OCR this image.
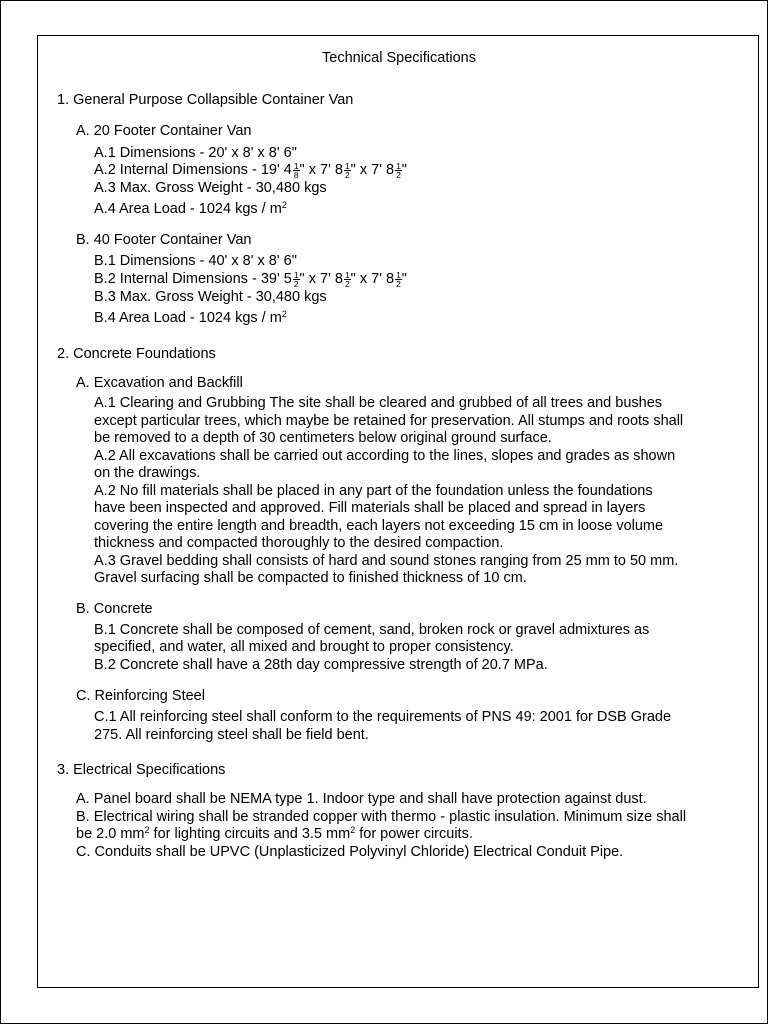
Technical Specifications
1. General Purpose Collapsible Container Van
A. 20 Footer Container Van
A.1 Dimensions - 20' x 8' x 8' 6"
A.2 Internal Dimensions - 19' $4 \frac{1}{8}$ " x 7' $8 \frac{1}{2}$ " x 7' $8 \frac{1}{2}$ "
A.3 Max. Gross Weight - 30,480 kgs
A.4 Area Load - 1024 kgs / $m^2$
B. 40 Footer Container Van
B.1 Dimensions - 40' x 8' x 8' 6"
B.2 Internal Dimensions - 39' $5 \frac{1}{2}$ " x 7' $8 \frac{1}{2}$ " x 7' $8 \frac{1}{2}$ "
B.3 Max. Gross Weight - 30,480 kgs
B.4 Area Load - 1024 kgs / $m^2$
2. Concrete Foundations
A. Excavation and Backfill
A.1 Clearing and Grubbing The site shall be cleared and grubbed of all trees and bushes
except particular trees, which maybe be retained for preservation. All stumps and roots shall
be removed to a depth of 30 centimeters below original ground surface.
A.2 All excavations shall be carried out according to the lines, slopes and grades as shown
on the drawings.
A.2 No fill materials shall be placed in any part of the foundation unless the foundations
have been inspected and approved. Fill materials shall be placed and spread in layers
covering the entire length and breadth, each layers not exceeding 15 cm in loose volume
thickness and compacted thoroughly to the desired compaction.
A.3 Gravel bedding shall consists of hard and sound stones ranging from 25 mm to 50 mm.
Gravel surfacing shall be compacted to finished thickness of 10 cm.
B. Concrete
B.1 Concrete shall be composed of cement, sand, broken rock or gravel admixtures as
specified, and water, all mixed and brought to proper consistency.
B.2 Concrete shall have a 28th day compressive strength of 20.7 MPa.
C. Reinforcing Steel
C.1 All reinforcing steel shall conform to the requirements of PNS 49: 2001 for DSB Grade
275. All reinforcing steel shall be field bent.
3. Electrical Specifications
A. Panel board shall be NEMA type 1. Indoor type and shall have protection against dust.
B. Electrical wiring shall be stranded copper with thermo - plastic insulation. Minimum size shall
be 2.0 $mm^2$ for lighting circuits and 3.5 $mm^2$ for power circuits.
C. Conduits shall be UPVC (Unplasticized Polyvinyl Chloride) Electrical Conduit Pipe.
